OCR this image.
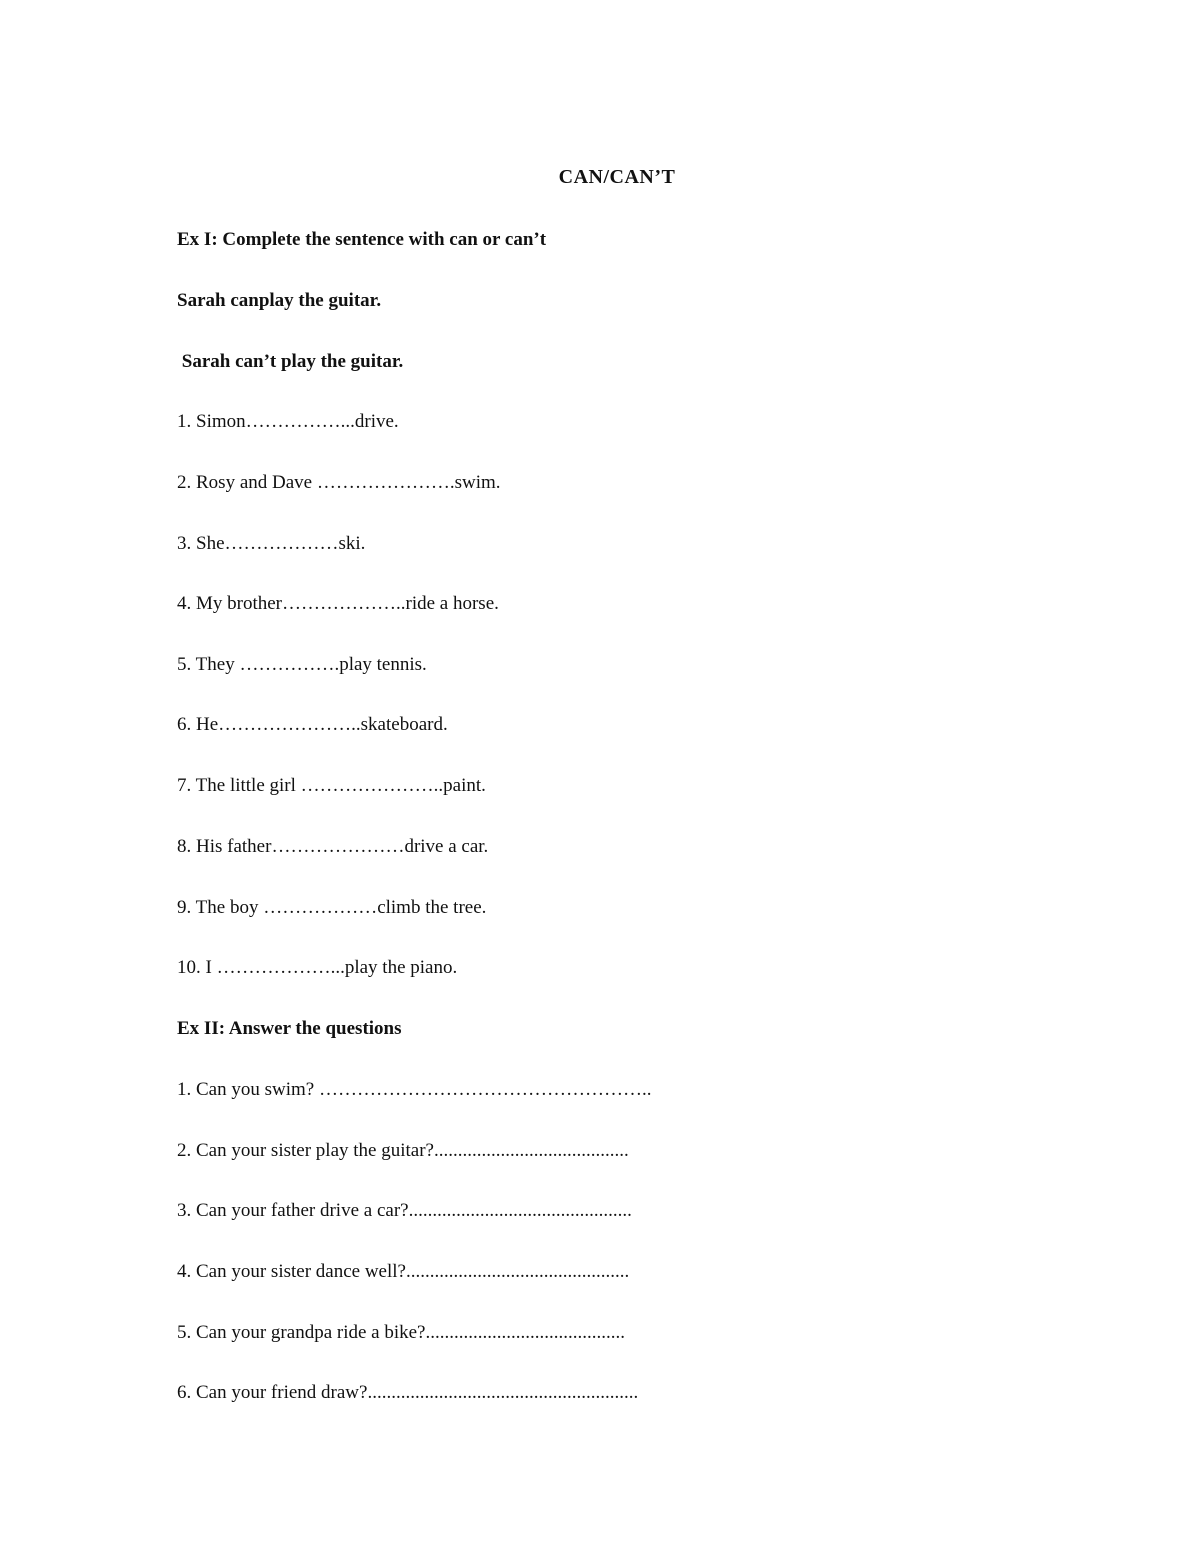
CAN/CAN’T
Ex I: Complete the sentence with can or can’t
Sarah canplay the guitar.
Sarah can’t play the guitar.
1. Simon……………...drive.
2. Rosy and Dave ………………….swim.
3. She………………ski.
4. My brother………………..ride a horse.
5. They …………….play tennis.
6. He…………………..skateboard.
7. The little girl …………………..paint.
8. His father…………………drive a car.
9. The boy ………………climb the tree.
10. I ………………...play the piano.
Ex II: Answer the questions
1. Can you swim? ……………………………………………..
2. Can your sister play the guitar?.........................................
3. Can your father drive a car?...............................................
4. Can your sister dance well?...............................................
5. Can your grandpa ride a bike?..........................................
6. Can your friend draw?.........................................................
